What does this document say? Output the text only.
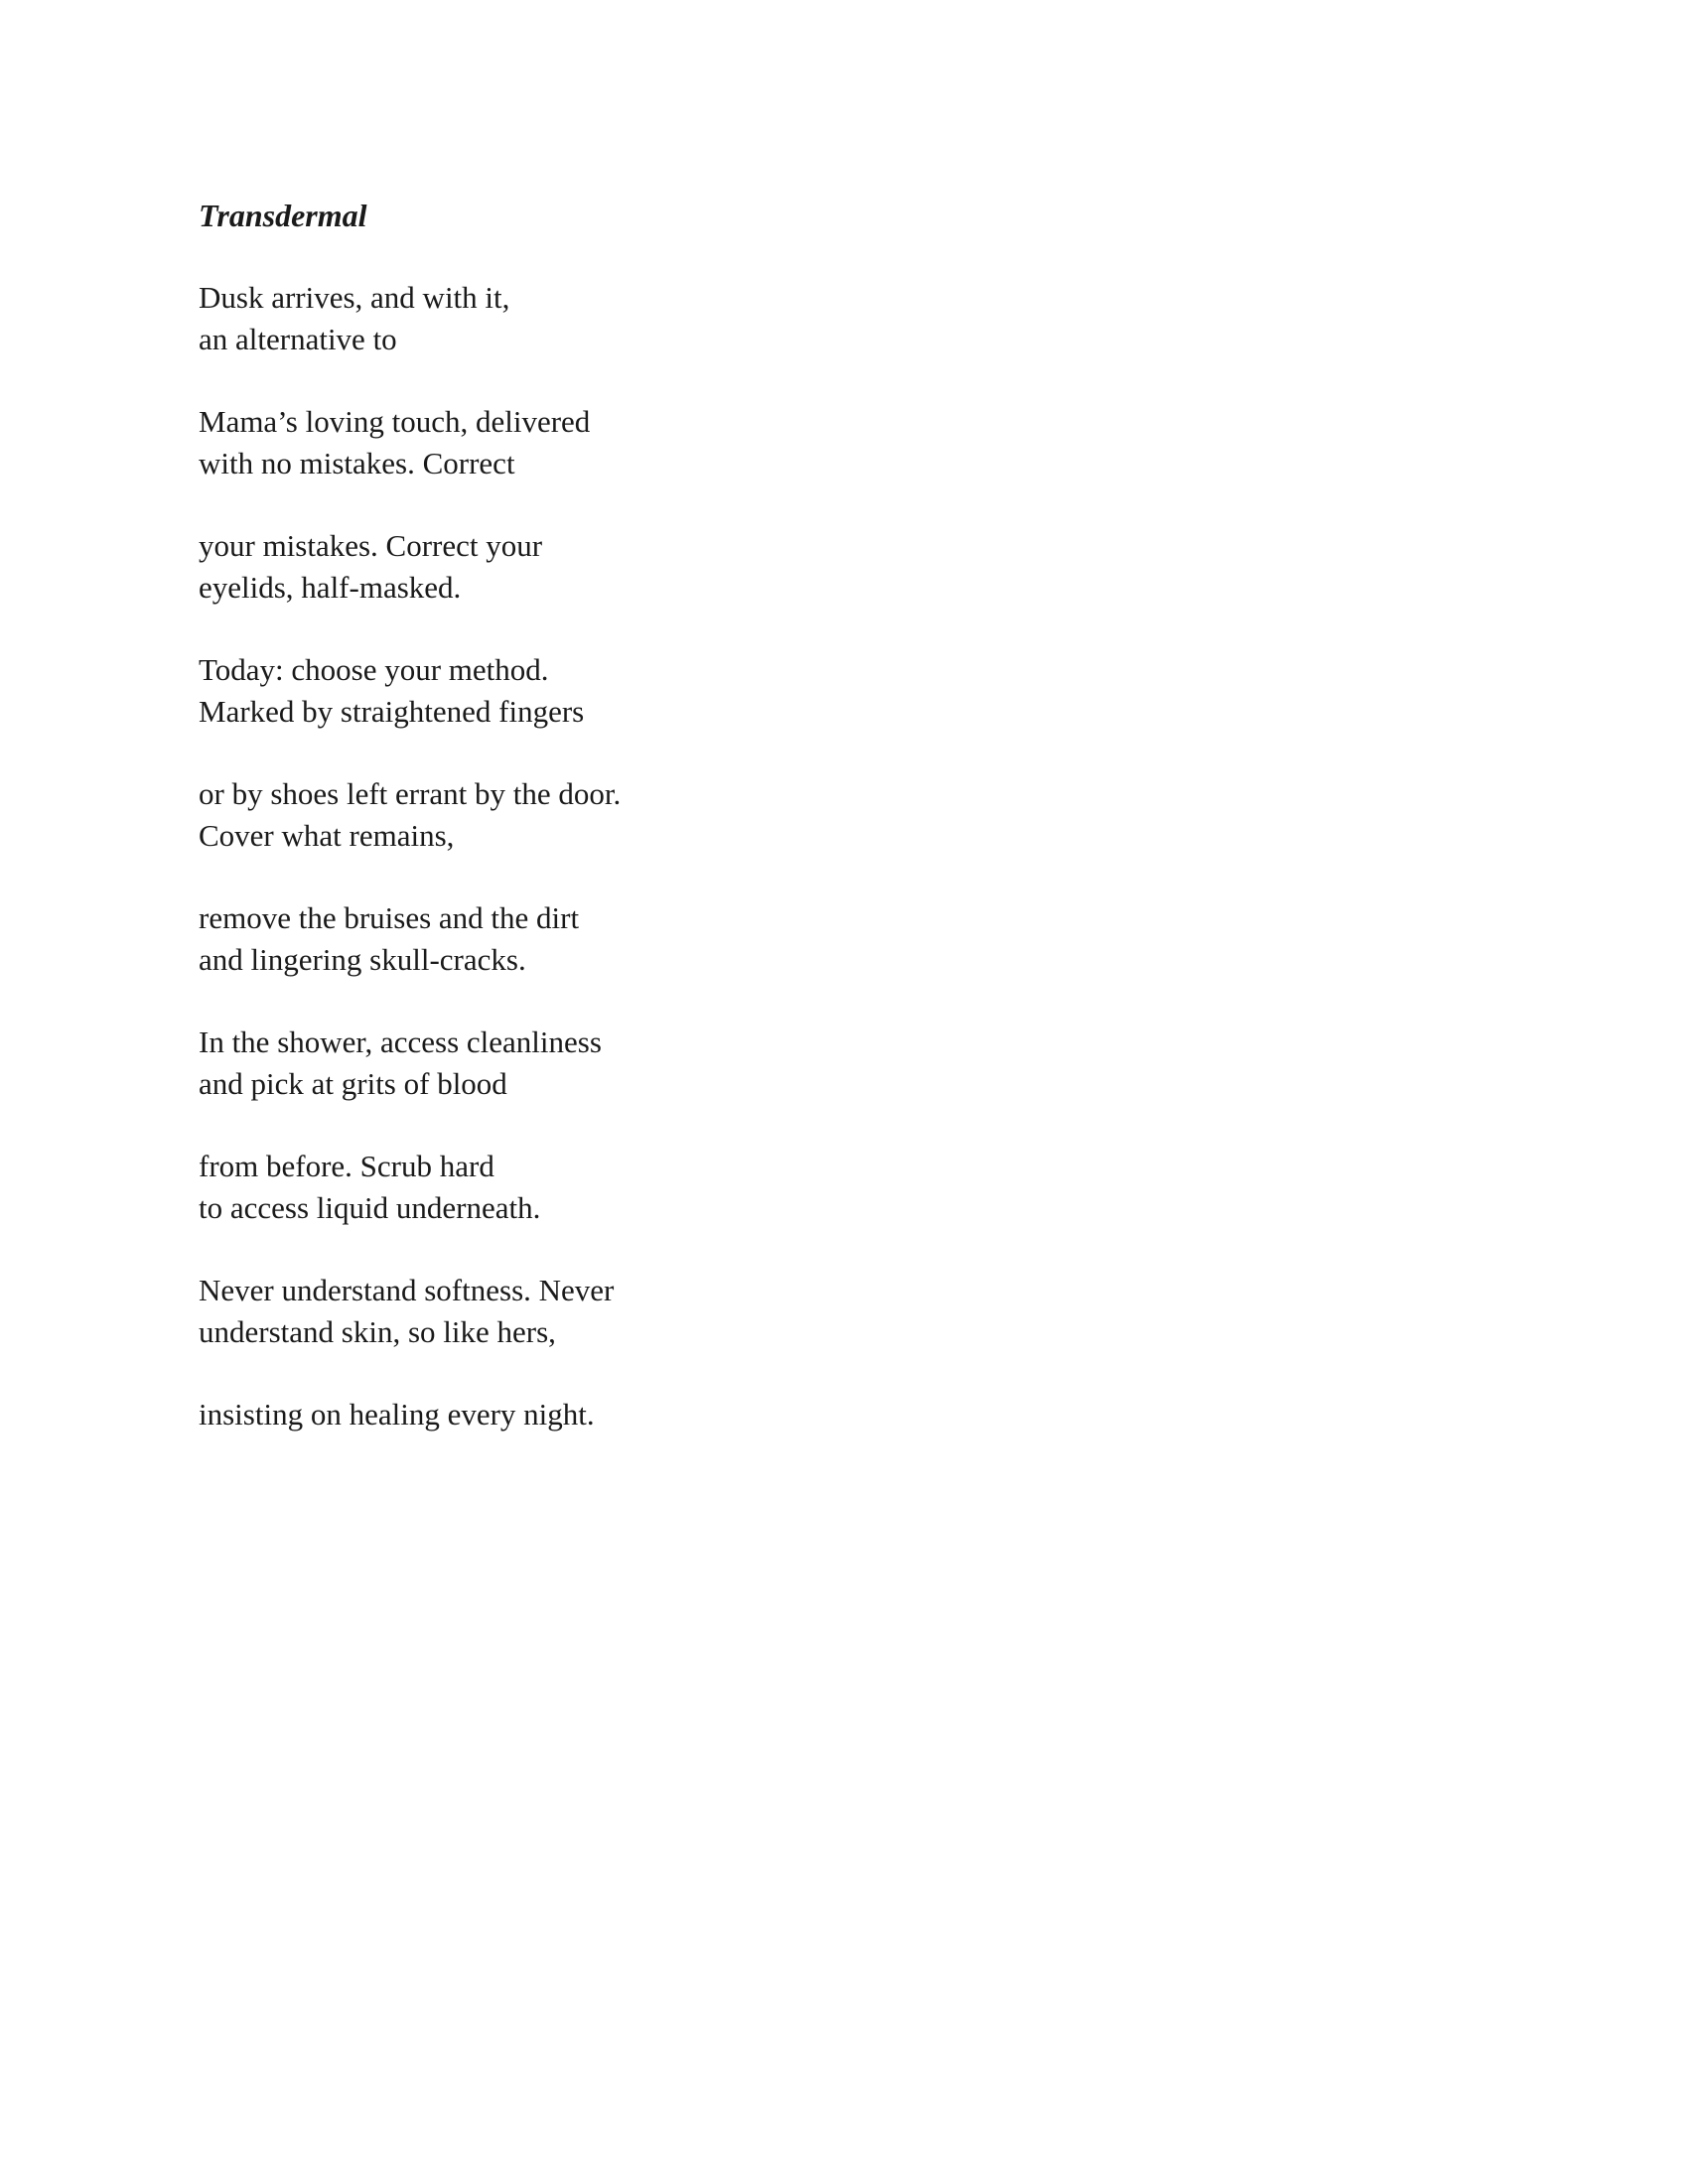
Transdermal

Dusk arrives, and with it,
an alternative to

Mama’s loving touch, delivered
with no mistakes. Correct

your mistakes. Correct your
eyelids, half-masked.

Today: choose your method.
Marked by straightened fingers

or by shoes left errant by the door.
Cover what remains,

remove the bruises and the dirt
and lingering skull-cracks.

In the shower, access cleanliness
and pick at grits of blood

from before. Scrub hard
to access liquid underneath.

Never understand softness. Never
understand skin, so like hers,

insisting on healing every night.
